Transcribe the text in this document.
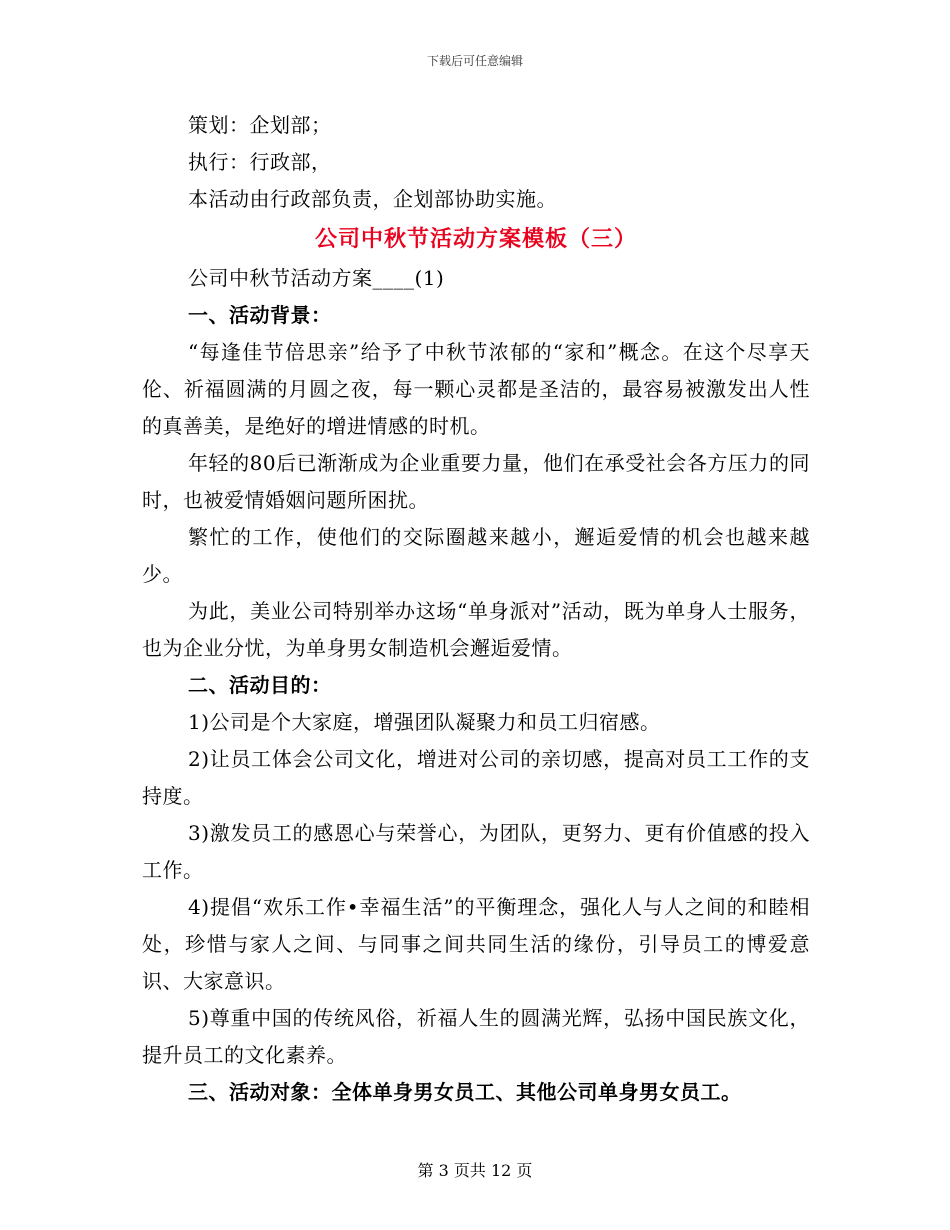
下载后可任意编辑
策划：企划部；
执行：行政部，
本活动由行政部负责，企划部协助实施。
公司中秋节活动方案模板（三）
公司中秋节活动方案____(1)
一、活动背景：

“每逢佳节倍思亲”给予了中秋节浓郁的“家和”概念。在这个尽享天伦、祈福圆满的月圆之夜，每一颗心灵都是圣洁的，最容易被激发出人性的真善美，是绝好的增进情感的时机。

年轻的80后已渐渐成为企业重要力量，他们在承受社会各方压力的同时，也被爱情婚姻问题所困扰。

繁忙的工作，使他们的交际圈越来越小，邂逅爱情的机会也越来越少。

为此，美业公司特别举办这场“单身派对”活动，既为单身人士服务，也为企业分忧，为单身男女制造机会邂逅爱情。

二、活动目的：

1)公司是个大家庭，增强团队凝聚力和员工归宿感。

2)让员工体会公司文化，增进对公司的亲切感，提高对员工工作的支持度。

3)激发员工的感恩心与荣誉心，为团队，更努力、更有价值感的投入工作。

4)提倡“欢乐工作•幸福生活”的平衡理念，强化人与人之间的和睦相处，珍惜与家人之间、与同事之间共同生活的缘份，引导员工的博爱意识、大家意识。

5)尊重中国的传统风俗，祈福人生的圆满光辉，弘扬中国民族文化，提升员工的文化素养。

三、活动对象：全体单身男女员工、其他公司单身男女员工。
第 3 页共 12 页
